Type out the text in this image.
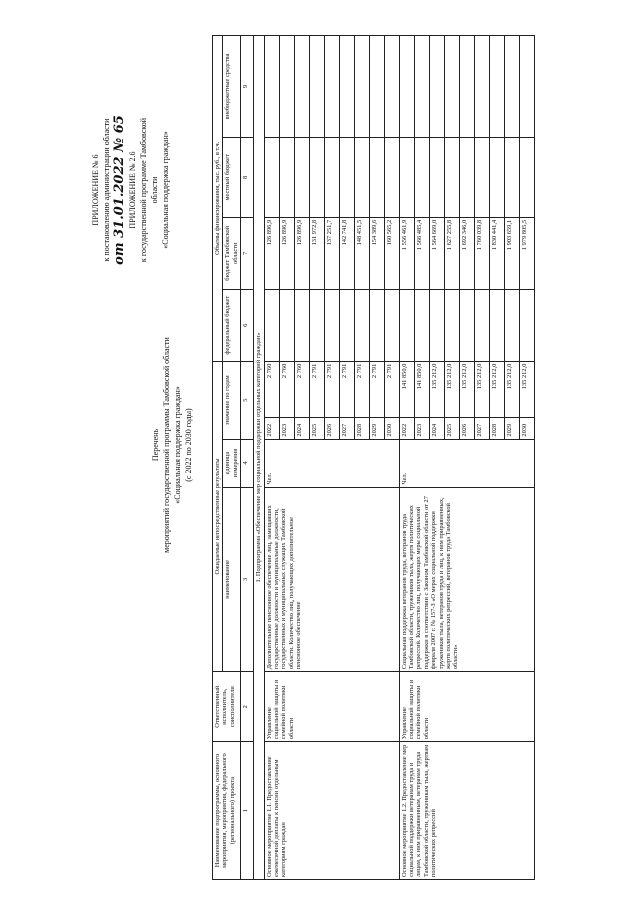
ПРИЛОЖЕНИЕ № 6 к постановлению администрации области от 31.01.2022 № 65 ПРИЛОЖЕНИЕ № 2.6 к государственной программе Тамбовской области «Социальная поддержка граждан»
Перечень мероприятий государственной программы Тамбовской области «Социальная поддержка граждан» (с 2022 по 2030 годы)
Наименование подпрограммы, основного мероприятия, мероприятия, федерального (регионального) проекта	Ответственный исполнитель, соисполнители	Ожидаемые непосредственные результаты				Объемы финансирования, тыс. руб., в т.ч.			
		наименование	единица измерения	значение по годам		федеральный бюджет	бюджет Тамбовской области	местный бюджет	внебюджетные средства
1	2	3	4	5		6	7	8	9
1. Подпрограмма «Обеспечение мер социальной поддержки отдельных категорий граждан»									
Основное мероприятие 1.1. Предоставление ежемесячной доплаты к пенсии отдельным категориям граждан	Управление социальной защиты и семейной политики области	Дополнительное пенсионное обеспечение лиц, замещавших государственные должности и муниципальные должности, государственных и муниципальных служащих Тамбовской области. Количество лиц, получающих дополнительное пенсионное обеспечение	Чел.	2022	2 760		126 896,9		
				2023	2 760		126 896,9		
				2024	2 760		126 896,9		
				2025	2 791		131 972,8		
				2026	2 791		137 251,7		
				2027	2 791		142 741,8		
				2028	2 791		148 451,5		
				2029	2 791		154 389,6		
				2030	2 791		160 565,2		
Основное мероприятие 1.2. Предоставление мер социальной поддержки ветеранам труда и лицам, к ним приравненным, ветеранам труда Тамбовской области, труженикам тыла, жертвам политических репрессий	Управление социальной защиты и семейной политики области	Социальная поддержка ветеранов труда, ветеранов труда Тамбовской области, тружеников тыла, жертв политических репрессий. Количество лиц, получающих меры социальной поддержки в соответствии с Законом Тамбовской области от 27 февраля 2007 г. № 157-З «О мерах социальной поддержки тружеников тыла, ветеранов труда и лиц, к ним приравненных, жертв политических репрессий, ветеранов труда Тамбовской области»	Чел.	2022	141 850,0		1 556 461,9		
				2023	141 850,0		1 566 485,4		
				2024	135 212,0		1 564 669,0		
				2025	135 212,0		1 627 255,8		
				2026	135 212,0		1 692 346,0		
				2027	135 212,0		1 760 039,8		
				2028	135 212,0		1 830 441,4		
				2029	135 212,0		1 903 659,1		
				2030	135 212,0		1 979 805,5		
